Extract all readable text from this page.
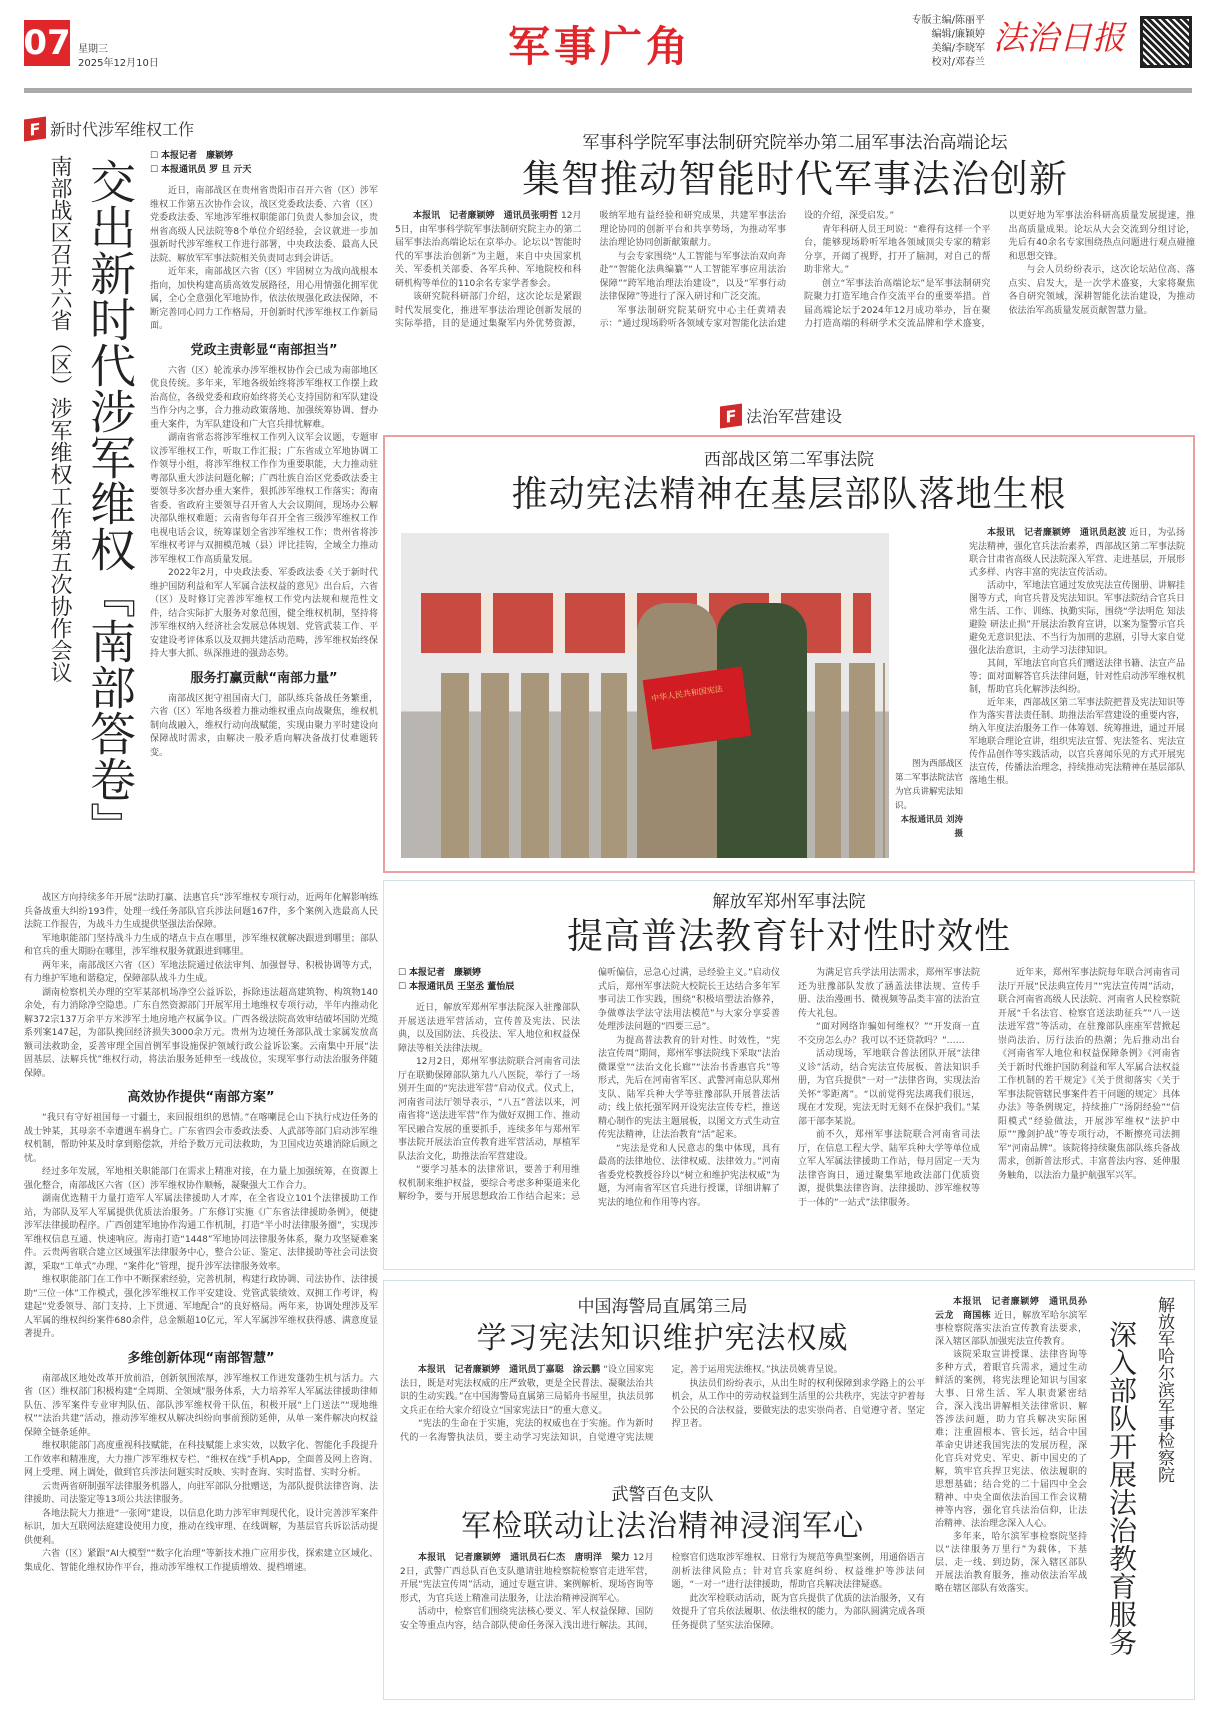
07 星期三
2025年12月10日	军事广角
专版主编/陈丽平
编辑/廉颖婷
美编/李晓军
校对/邓春兰
法治日报
F 新时代涉军维权工作
南部战区召开六省（区）涉军维权工作第五次协作会议 交出新时代涉军维权『南部答卷』
☐ 本报记者　廉颖婷
☐ 本报通讯员 罗 旦 亓天

近日，南部战区在贵州省贵阳市召开六省（区）涉军维权工作第五次协作会议，战区党委政法委、六省（区）党委政法委、军地涉军维权职能部门负责人参加会议，贵州省高级人民法院等8个单位介绍经验，会议就进一步加强新时代涉军维权工作进行部署，中央政法委、最高人民法院、解放军军事法院相关负责同志到会讲话。

近年来，南部战区六省（区）牢固树立为战向战根本指向，加快构建高质高效发展路径，用心用情强化拥军优属，全心全意强化军地协作，依法依规强化政法保障，不断完善同心同力工作格局，开创新时代涉军维权工作新局面。

党政主责彰显“南部担当”

六省（区）轮流承办涉军维权协作会已成为南部地区优良传统。多年来，军地各级始终将涉军维权工作摆上政治高位，各级党委和政府始终将关心支持国防和军队建设当作分内之事，合力推动政策落地、加强统筹协调、督办重大案件，为军队建设和广大官兵排忧解难。

湖南省常态将涉军维权工作列入议军会议题，专题审议涉军维权工作，听取工作汇报；广东省成立军地协调工作领导小组，将涉军维权工作作为重要职能，大力推动驻粤部队重大涉法问题化解；广西壮族自治区党委政法委主要领导多次督办重大案件，狠抓涉军维权工作落实；海南省委、省政府主要领导召开省人大会议期间，现场办公解决部队维权难题；云南省每年召开全省三级涉军维权工作电视电话会议，统筹谋划全省涉军维权工作；贵州省将涉军维权考评与双拥模范城（县）评比挂钩，全域全力推动涉军维权工作高质量发展。

2022年2月，中央政法委、军委政法委《关于新时代维护国防利益和军人军属合法权益的意见》出台后，六省（区）及时修订完善涉军维权工作党内法规和规范性文件，结合实际扩大服务对象范围，健全维权机制，坚持将涉军维权纳入经济社会发展总体规划、党管武装工作、平安建设考评体系以及双拥共建活动范畴，涉军维权始终保持大事大抓、纵深推进的强劲态势。

服务打赢贡献“南部力量”

南部战区扼守祖国南大门，部队练兵备战任务繁重，六省（区）军地各级着力推动维权重点向战聚焦，维权机制向战融入，维权行动向战赋能，实现由聚力平时建设向保障战时需求，由解决一般矛盾向解决备战打仗难题转变。

战区方向持续多年开展“法助打赢、法惠官兵”涉军维权专项行动，近两年化解影响练兵备战重大纠纷193件，处理一线任务部队官兵涉法问题167件，多个案例入选最高人民法院工作报告，为战斗力生成提供坚强法治保障。

军地职能部门坚持战斗力生成的堵点卡点在哪里，涉军维权就解决跟进到哪里；部队和官兵的重大期盼在哪里，涉军维权服务就跟进到哪里。

两年来，南部战区六省（区）军地法院通过依法审判、加强督导、积极协调等方式，有力维护军地和谐稳定，保障部队战斗力生成。

湖南检察机关办理的空军某部机场净空公益诉讼，拆除违法超高建筑物、构筑物140余处，有力消除净空隐患。广东自然资源部门开展军用土地维权专项行动，半年内推动化解372宗137万余平方米涉军土地房地产权属争议。广西各级法院高效审结破坏国防光缆系列案147起，为部队挽回经济损失3000余万元。贵州为边境任务部队战士家属发放高额司法救助金，妥善审理全国首例军事设施保护领域行政公益诉讼案。云南集中开展“法固基层、法解兵忧”维权行动，将法治服务延伸至一线战位，实现军事行动法治服务伴随保障。

高效协作提供“南部方案”

“我只有守好祖国每一寸疆土，来回报组织的恩情。”在喀喇昆仑山下执行戍边任务的战士钟某，其母亲不幸遭遇车祸身亡。广东省四会市委政法委、人武部等部门启动涉军维权机制，帮助钟某及时拿到赔偿款，并给予数万元司法救助，为卫国戍边英雄消除后顾之忧。

经过多年发展，军地相关职能部门在需求上精准对接，在力量上加强统筹，在资源上强化整合，南部战区六省（区）涉军维权协作顺畅，凝聚强大工作合力。

湖南优选精干力量打造军人军属法律援助人才库，在全省设立101个法律援助工作站，为部队及军人军属提供优质法治服务。广东修订实施《广东省法律援助条例》，便捷涉军法律援助程序。广西创建军地协作沟通工作机制，打造“半小时法律服务圈”，实现涉军维权信息互通、快速响应。海南打造“1448”军地协同法律服务体系，聚力攻坚疑难案件。云贵两省联合建立区域强军法律服务中心，整合公证、鉴定、法律援助等社会司法资源，采取“工单式”办理、“案件化”管理，提升涉军法律服务效率。

维权职能部门在工作中不断探索经验，完善机制，构建行政协调、司法协作、法律援助“三位一体”工作模式，强化涉军维权工作平安建设、党管武装绩效、双拥工作考评，构建起“党委领导、部门支持、上下贯通、军地配合”的良好格局。两年来，协调处理涉及军人军属的维权纠纷案件680余件，总金额超10亿元，军人军属涉军维权获得感、满意度显著提升。

多维创新体现“南部智慧”

南部战区地处改革开放前沿，创新氛围浓厚，涉军维权工作迸发蓬勃生机与活力。六省（区）维权部门积极构建“全周期、全领域”服务体系，大力培养军人军属法律援助律师队伍、涉军案件专业审判队伍、部队涉军维权骨干队伍，积极开展“上门送法”“现地维权”“法治共建”活动，推动涉军维权从解决纠纷向事前预防延伸，从单一案件解决向权益保障全链条延伸。

维权职能部门高度重视科技赋能，在科技赋能上求实效，以数字化、智能化手段提升工作效率和精准度，大力推广涉军维权专栏、“维权在线”手机App，全面普及网上咨询、网上受理、网上调处，做到官兵涉法问题实时反映、实时查询、实时监督、实时分析。

云贵两省研制强军法律服务机器人，向驻军部队分批赠送，为部队提供法律咨询、法律援助、司法鉴定等13项公共法律服务。

各地法院大力推进“一张网”建设，以信息化助力涉军审判现代化，设计完善涉军案件标识，加大互联网法庭建设使用力度，推动在线审理、在线调解，为基层官兵诉讼活动提供便利。

六省（区）紧跟“AI大模型”“数字化治理”等新技术推广应用步伐，探索建立区域化、集成化、智能化维权协作平台，推动涉军维权工作提质增效、提档增速。

军事科学院军事法制研究院举办第二届军事法治高端论坛
集智推动智能时代军事法治创新

本报讯　记者廉颖婷　通讯员张明哲 12月5日，由军事科学院军事法制研究院主办的第二届军事法治高端论坛在京举办。论坛以“智能时代的军事法治创新”为主题，来自中央国家机关、军委机关部委、各军兵种、军地院校和科研机构等单位的110余名专家学者参会。

该研究院科研部门介绍，这次论坛是紧跟时代发展变化，推进军事法治理论创新发展的实际举措，目的是通过集聚军内外优势资源，吸纳军地有益经验和研究成果，共建军事法治理论协同的创新平台和共享势场，为推动军事法治理论协同创新献策献力。

与会专家围绕“人工智能与军事法治双向奔赴”“智能化法典编纂”“人工智能军事应用法治保障”“跨军地治理法治建设”，以及“军事行动法律保障”等进行了深入研讨和广泛交流。

军事法制研究院某研究中心主任黄靖表示：“通过现场聆听各领域专家对智能化法治建设的介绍，深受启发。”

青年科研人员王珂说：“难得有这样一个平台，能够现场聆听军地各领域顶尖专家的精彩分享，开阔了视野，打开了脑洞，对自己的帮助非常大。”

创立“军事法治高端论坛”是军事法制研究院聚力打造军地合作交流平台的重要举措。首届高端论坛于2024年12月成功举办，旨在聚力打造高端的科研学术交流品牌和学术盛宴，以更好地为军事法治科研高质量发展提速，推出高质量成果。论坛从大会交流到分组讨论，先后有40余名专家围绕热点问题进行观点碰撞和思想交锋。

与会人员纷纷表示，这次论坛站位高、落点实、启发大，是一次学术盛宴，大家将聚焦各自研究领域，深耕智能化法治建设，为推动依法治军高质量发展贡献智慧力量。

F 法治军营建设
西部战区第二军事法院
推动宪法精神在基层部队落地生根
中华人民共和国宪法
图为西部战区第二军事法院法官为官兵讲解宪法知识。
本报通讯员 刘涛 摄

本报讯　记者廉颖婷　通讯员赵波 近日，为弘扬宪法精神，强化官兵法治素养，西部战区第二军事法院联合甘肃省高级人民法院深入军营、走进基层，开展形式多样、内容丰富的宪法宣传活动。

活动中，军地法官通过发放宪法宣传图册、讲解挂图等方式，向官兵普及宪法知识。军事法院结合官兵日常生活、工作、训练、执勤实际，围绕“学法明危 知法避险 研法止损”开展法治教育宣讲，以案为鉴警示官兵避免无意识犯法、不当行为加刑的悲剧，引导大家自觉强化法治意识，主动学习法律知识。

其间，军地法官向官兵们赠送法律书籍、法宣产品等；面对面解答官兵法律问题，针对性启动涉军维权机制，帮助官兵化解涉法纠纷。

近年来，西部战区第二军事法院把普及宪法知识等作为落实普法责任制、助推法治军营建设的重要内容，纳入年度法治服务工作一体筹划、统筹推进，通过开展军地联合理论宣讲，组织宪法宣誓、宪法签名、宪法宣传作品创作等实践活动，以官兵喜闻乐见的方式开展宪法宣传，传播法治理念，持续推动宪法精神在基层部队落地生根。

解放军郑州军事法院
提高普法教育针对性时效性
☐ 本报记者　廉颖婷
☐ 本报通讯员 王坚丞 董怡辰

近日，解放军郑州军事法院深入驻豫部队开展送法进军营活动，宣传普及宪法、民法典，以及国防法、兵役法、军人地位和权益保障法等相关法律法规。

12月2日，郑州军事法院联合河南省司法厅在联勤保障部队第九八八医院，举行了一场别开生面的“宪法进军营”启动仪式。仪式上，河南省司法厅领导表示，“八五”普法以来，河南省将“送法进军营”作为做好双拥工作、推动军民融合发展的重要抓手，连续多年与郑州军事法院开展法治宣传教育进军营活动，厚植军队法治文化，助推法治军营建设。

“要学习基本的法律常识，要善于利用维权机制来维护权益，要综合考虑多种渠道来化解纷争，要与开展思想政治工作结合起来；忌偏听偏信，忌急心过满，忌经验主义。”启动仪式后，郑州军事法院大校院长王达结合多年军事司法工作实践，围绕“积极培塑法治修养，争做尊法学法守法用法模范”与大家分享妥善处理涉法问题的“四要三忌”。

为提高普法教育的针对性、时效性，“宪法宣传周”期间，郑州军事法院线下采取“法治微课堂”“法治文化长廊”“法治书香惠官兵”等形式，先后在河南省军区、武警河南总队郑州支队、陆军兵种大学等驻豫部队开展普法活动；线上依托强军网开设宪法宣传专栏，推送精心制作的宪法主题展板，以图文方式生动宣传宪法精神，让法治教育“活”起来。

“宪法是党和人民意志的集中体现，具有最高的法律地位、法律权威、法律效力。”河南省委党校教授谷玲以“树立和维护宪法权威”为题，为河南省军区官兵进行授课，详细讲解了宪法的地位和作用等内容。

为满足官兵学法用法需求，郑州军事法院还为驻豫部队发放了涵盖法律法规、宣传手册、法治漫画书、微视频等品类丰富的法治宣传大礼包。

“面对网络诈骗如何维权？”“开发商一直不交房怎么办？我可以不还贷款吗？”……

活动现场，军地联合普法团队开展“法律义诊”活动，结合宪法宣传展板、普法知识手册，为官兵提供“一对一”法律咨询，实现法治关怀“零距离”。“以前觉得宪法离我们很远，现在才发现，宪法无时无刻不在保护我们。”某部干部李某说。

前不久，郑州军事法院联合河南省司法厅，在信息工程大学、陆军兵种大学等单位成立军人军属法律援助工作站，每月固定一天为法律咨询日，通过聚集军地政法部门优质资源，提供集法律咨询、法律援助、涉军维权等于一体的“一站式”法律服务。

近年来，郑州军事法院每年联合河南省司法厅开展“民法典宣传月”“宪法宣传周”活动，联合河南省高级人民法院、河南省人民检察院开展“千名法官、检察官送法助征兵”“八一送法进军营”等活动，在驻豫部队座座军营掀起崇尚法治、厉行法治的热潮；先后推动出台《河南省军人地位和权益保障条例》《河南省关于新时代维护国防利益和军人军属合法权益工作机制的若干规定》《关于贯彻落实〈关于军事法院管辖民事案件若干问题的规定〉具体办法》等条例规定，持续推广“汤阴经验”“信阳模式”经验做法，开展涉军维权“法护中原”“豫剑护战”等专项行动，不断擦亮司法拥军“河南品牌”。该院将持续聚焦部队练兵备战需求，创新普法形式、丰富普法内容、延伸服务触角，以法治力量护航强军兴军。

中国海警局直属第三局
学习宪法知识维护宪法权威

本报讯　记者廉颖婷　通讯员丁嘉聪　涂云鹏 “设立国家宪法日，既是对宪法权威的庄严致敬，更是全民普法、凝聚法治共识的生动实践。”在中国海警局直属第三局韬舟书屋里，执法员郭文兵正在给大家介绍设立“国家宪法日”的重大意义。

“宪法的生命在于实施，宪法的权威也在于实施。作为新时代的一名海警执法员，要主动学习宪法知识，自觉遵守宪法规定，善于运用宪法维权。”执法员姚青呈说。

执法员们纷纷表示，从出生时的权利保障到求学路上的公平机会，从工作中的劳动权益到生活里的公共秩序，宪法守护着每个公民的合法权益，要做宪法的忠实崇尚者、自觉遵守者、坚定捍卫者。

武警百色支队
军检联动让法治精神浸润军心

本报讯　记者廉颖婷　通讯员石仁杰　唐明洋　梁力 12月2日，武警广西总队百色支队邀请驻地检察院检察官走进军营，开展“宪法宣传周”活动，通过专题宣讲、案例解析、现场咨询等形式，为官兵送上精准司法服务，让法治精神浸润军心。

活动中，检察官们围绕宪法核心要义、军人权益保障、国防安全等重点内容，结合部队使命任务深入浅出进行解法。其间，检察官们选取涉军维权、日常行为规范等典型案例，用通俗语言剖析法律风险点；针对官兵家庭纠纷、权益维护等涉法问题，“一对一”进行法律援助，帮助官兵解决法律疑惑。

此次军检联动活动，既为官兵提供了优质的法治服务，又有效提升了官兵依法履职、依法维权的能力，为部队圆满完成各项任务提供了坚实法治保障。

本报讯　记者廉颖婷　通讯员孙云龙　商国栋 近日，解放军哈尔滨军事检察院落实法治宣传教育法要求，深入辖区部队加强宪法宣传教育。

该院采取宣讲授课、法律咨询等多种方式，着眼官兵需求，通过生动鲜活的案例，将宪法理论知识与国家大事、日常生活、军人职责紧密结合，深入浅出讲解相关法律常识、解答涉法问题，助力官兵解决实际困难；注重固根本、管长远，结合中国革命史讲述我国宪法的发展历程，深化官兵对党史、军史、新中国史的了解，筑牢官兵捍卫宪法、依法履职的思想基础；结合党的二十届四中全会精神、中央全面依法治国工作会议精神等内容，强化官兵法治信仰，让法治精神、法治理念深入人心。

多年来，哈尔滨军事检察院坚持以“法律服务万里行”为载体，下基层、走一线、到边防，深入辖区部队开展法治教育服务，推动依法治军战略在辖区部队有效落实。	深入部队开展法治教育服务 解放军哈尔滨军事检察院
